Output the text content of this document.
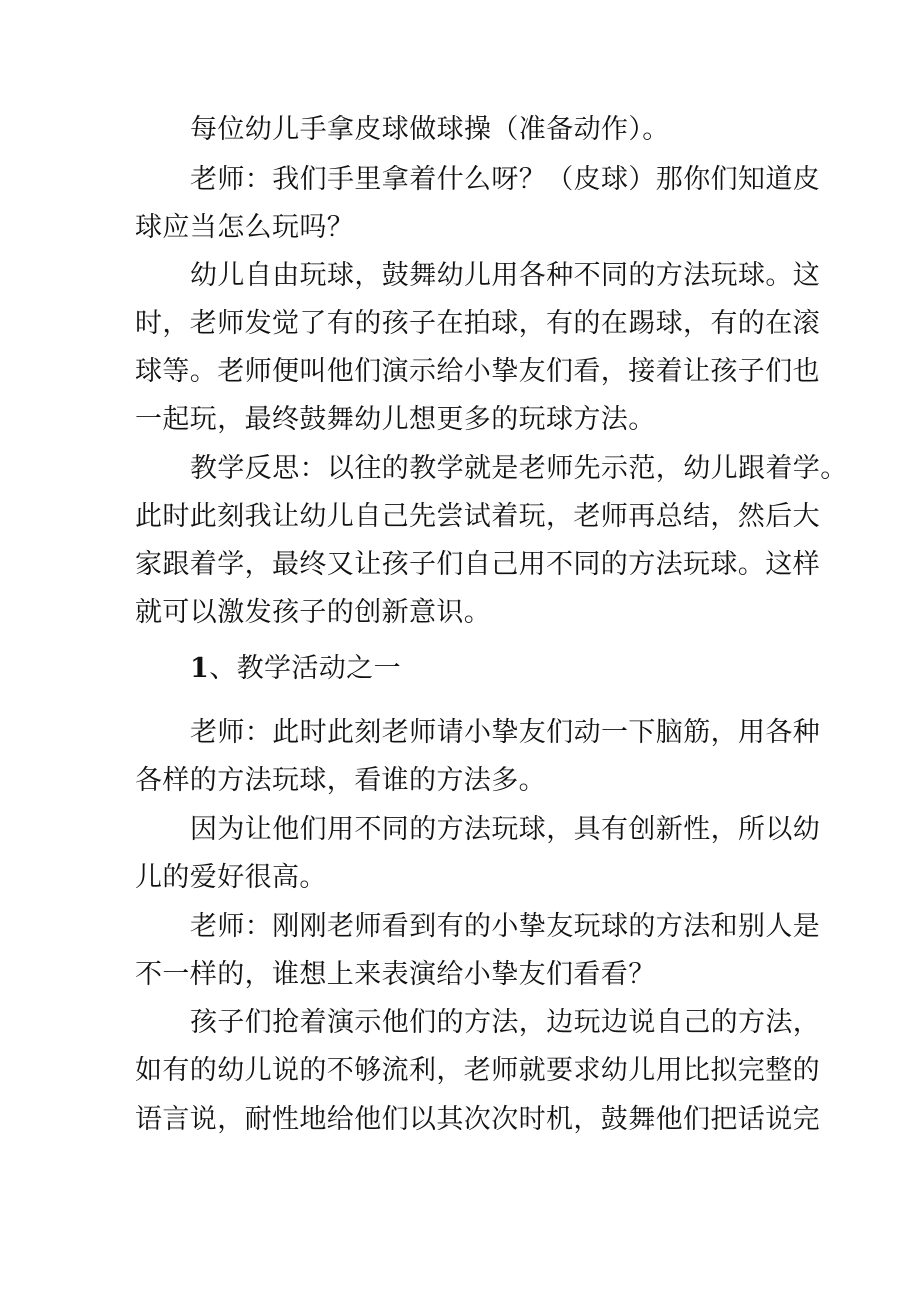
每位幼儿手拿皮球做球操（准备动作）。
老师：我们手里拿着什么呀？（皮球）那你们知道皮
球应当怎么玩吗？
幼儿自由玩球，鼓舞幼儿用各种不同的方法玩球。这
时，老师发觉了有的孩子在拍球，有的在踢球，有的在滚
球等。老师便叫他们演示给小挚友们看，接着让孩子们也
一起玩，最终鼓舞幼儿想更多的玩球方法。
教学反思：以往的教学就是老师先示范，幼儿跟着学。
此时此刻我让幼儿自己先尝试着玩，老师再总结，然后大
家跟着学，最终又让孩子们自己用不同的方法玩球。这样
就可以激发孩子的创新意识。
1、教学活动之一
老师：此时此刻老师请小挚友们动一下脑筋，用各种
各样的方法玩球，看谁的方法多。
因为让他们用不同的方法玩球，具有创新性，所以幼
儿的爱好很高。
老师：刚刚老师看到有的小挚友玩球的方法和别人是
不一样的，谁想上来表演给小挚友们看看？
孩子们抢着演示他们的方法，边玩边说自己的方法，
如有的幼儿说的不够流利，老师就要求幼儿用比拟完整的
语言说，耐性地给他们以其次次时机，鼓舞他们把话说完
